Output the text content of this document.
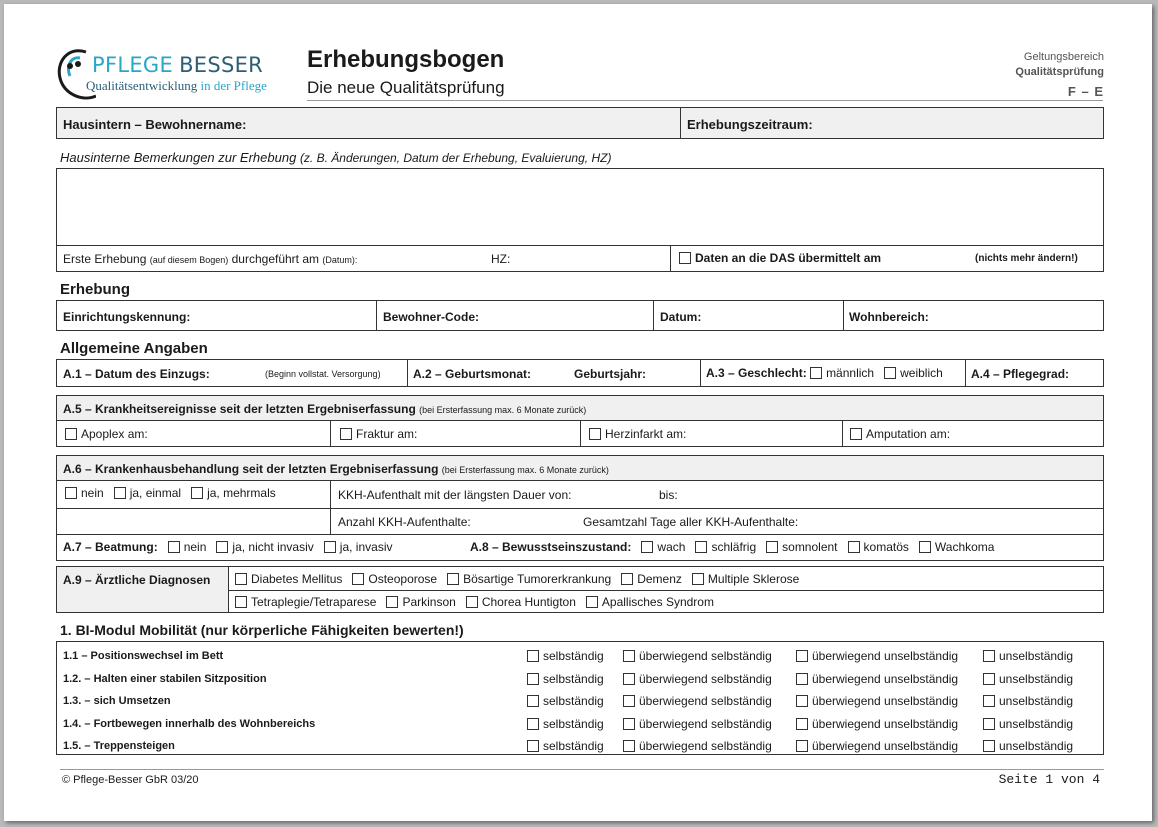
PFLEGE BESSER
Qualitätsentwicklung in der Pflege
Erhebungsbogen
Die neue Qualitätsprüfung
Geltungsbereich
Qualitätsprüfung
F – E
Hausintern – Bewohnername:	Erhebungszeitraum:
Hausinterne Bemerkungen zur Erhebung (z. B. Änderungen, Datum der Erhebung, Evaluierung, HZ)
Erste Erhebung (auf diesem Bogen) durchgeführt am (Datum):	HZ:	Daten an die DAS übermittelt am	(nichts mehr ändern!)
Erhebung
Einrichtungskennung:	Bewohner-Code:	Datum:	Wohnbereich:
Allgemeine Angaben
A.1 – Datum des Einzugs:	(Beginn vollstat. Versorgung)	A.2 – Geburtsmonat:	Geburtsjahr:	A.3 – Geschlecht: männlich weiblich A.4 – Pflegegrad:
A.5 – Krankheitsereignisse seit der letzten Ergebniserfassung (bei Ersterfassung max. 6 Monate zurück)
Apoplex am:	Fraktur am:	Herzinfarkt am:	Amputation am:
A.6 – Krankenhausbehandlung seit der letzten Ergebniserfassung (bei Ersterfassung max. 6 Monate zurück)
nein ja, einmal ja, mehrmals	KKH-Aufenthalt mit der längsten Dauer von:	bis:
Anzahl KKH-Aufenthalte:	Gesamtzahl Tage aller KKH-Aufenthalte:
A.7 – Beatmung: nein ja, nicht invasiv ja, invasiv	A.8 – Bewusstseinszustand: wach schläfrig somnolent komatös Wachkoma
A.9 – Ärztliche Diagnosen	Diabetes Mellitus Osteoporose Bösartige Tumorerkrankung Demenz Multiple Sklerose
Tetraplegie/Tetraparese Parkinson Chorea Huntigton Apallisches Syndrom
1. BI-Modul Mobilität (nur körperliche Fähigkeiten bewerten!)
1.1 – Positionswechsel im Bett	selbständig	überwiegend selbständig	überwiegend unselbständig	unselbständig
1.2. – Halten einer stabilen Sitzposition	selbständig	überwiegend selbständig	überwiegend unselbständig	unselbständig
1.3. – sich Umsetzen	selbständig	überwiegend selbständig	überwiegend unselbständig	unselbständig
1.4. – Fortbewegen innerhalb des Wohnbereichs	selbständig	überwiegend selbständig	überwiegend unselbständig	unselbständig
1.5. – Treppensteigen	selbständig	überwiegend selbständig	überwiegend unselbständig	unselbständig
© Pflege-Besser GbR 03/20	Seite 1 von 4
